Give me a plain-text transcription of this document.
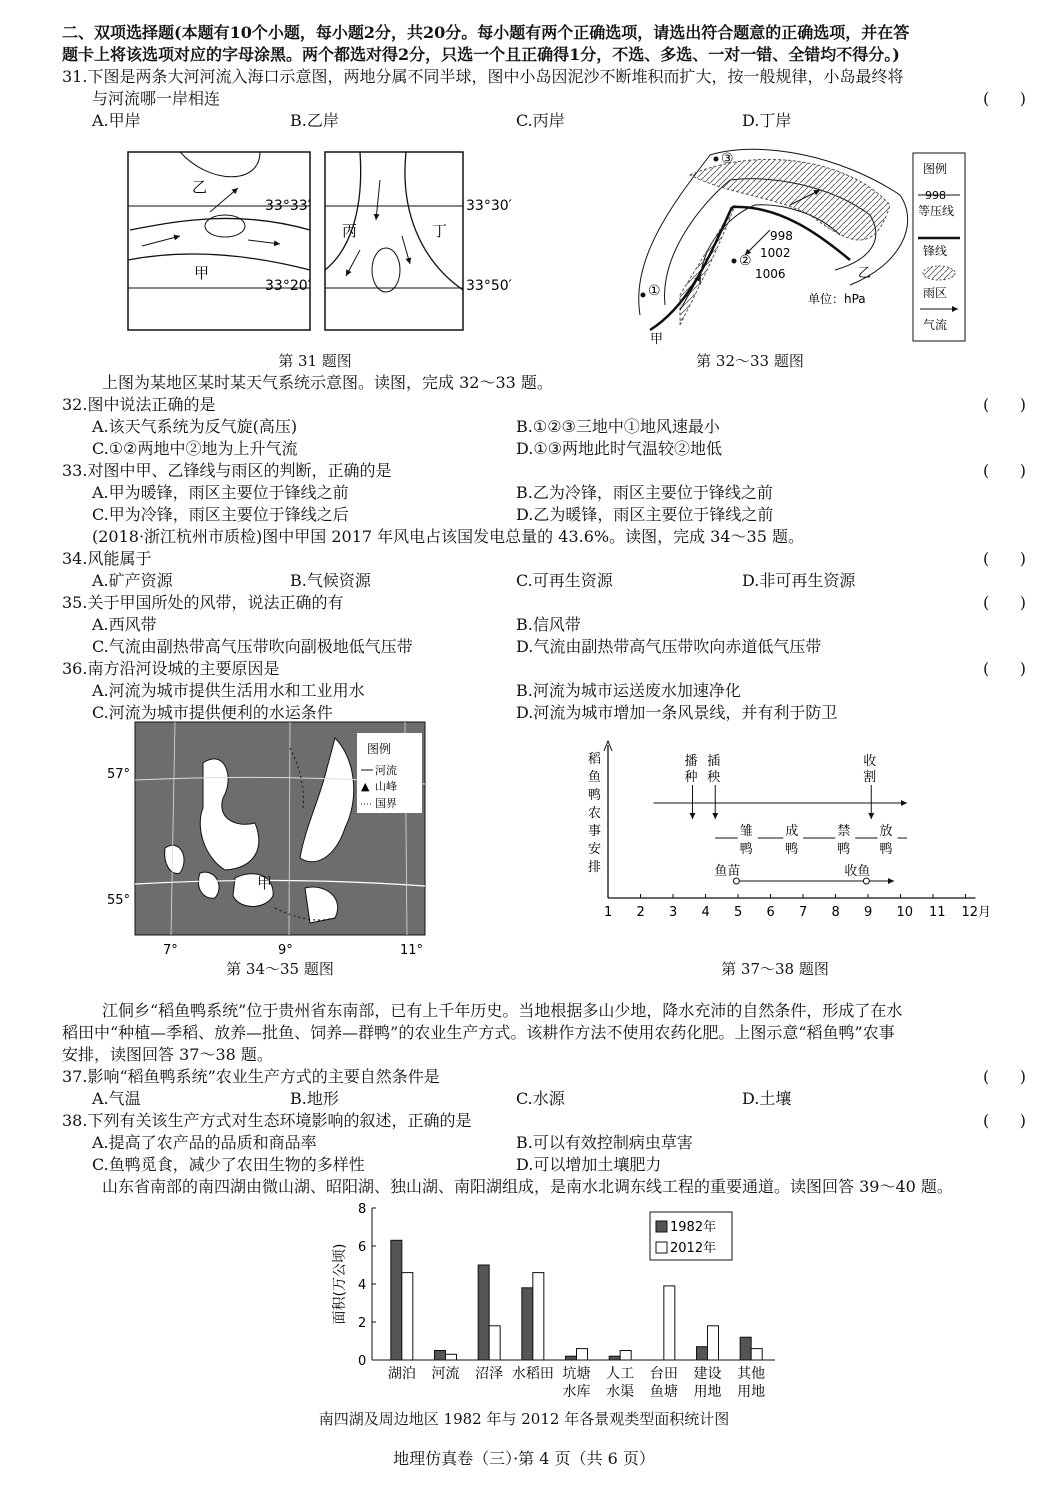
二、双项选择题(本题有10个小题，每小题2分，共20分。每小题有两个正确选项，请选出符合题意的正确选项，并在答
题卡上将该选项对应的字母涂黑。两个都选对得2分，只选一个且正确得1分，不选、多选、一对一错、全错均不得分。)
31.下图是两条大河河流入海口示意图，两地分属不同半球，图中小岛因泥沙不断堆积而扩大，按一般规律，小岛最终将
与河流哪一岸相连	(      )
A.甲岸	B.乙岸	C.丙岸	D.丁岸
乙
甲
33°33′
33°20′
丙	丁
33°30′
33°50′
第 31 题图
①
②
③
998
1002
1006
甲
乙
单位：hPa
图例
998
等压线
锋线
雨区
气流
第 32～33 题图
上图为某地区某时某天气系统示意图。读图，完成 32～33 题。
32.图中说法正确的是	(      )
A.该天气系统为反气旋(高压)	B.①②③三地中①地风速最小
C.①②两地中②地为上升气流	D.①③两地此时气温较②地低
33.对图中甲、乙锋线与雨区的判断，正确的是	(      )
A.甲为暖锋，雨区主要位于锋线之前	B.乙为冷锋，雨区主要位于锋线之前
C.甲为冷锋，雨区主要位于锋线之后	D.乙为暖锋，雨区主要位于锋线之前
(2018·浙江杭州市质检)图中甲国 2017 年风电占该国发电总量的 43.6%。读图，完成 34～35 题。
34.风能属于	(      )
A.矿产资源	B.气候资源	C.可再生资源	D.非可再生资源
35.关于甲国所处的风带，说法正确的有	(      )
A.西风带	B.信风带
C.气流由副热带高气压带吹向副极地低气压带	D.气流由副热带高气压带吹向赤道低气压带
36.南方沿河设城的主要原因是	(      )
A.河流为城市提供生活用水和工业用水	B.河流为城市运送废水加速净化
C.河流为城市提供便利的水运条件	D.河流为城市增加一条风景线，并有利于防卫
图例
河流
▲ 山峰
国界
57°
55°
7°	9°	11°
甲
第 34～35 题图
稻
鱼
鸭
农
事
安
排
1 2 3 4 5 6 7 8 9 10 11 12月
播
种
插
秧
收
割
雏
鸭
成
鸭
禁
鸭
放
鸭
鱼苗	收鱼
第 37～38 题图
江侗乡“稻鱼鸭系统”位于贵州省东南部，已有上千年历史。当地根据多山少地，降水充沛的自然条件，形成了在水
稻田中“种植—季稻、放养—批鱼、饲养—群鸭”的农业生产方式。该耕作方法不使用农药化肥。上图示意“稻鱼鸭”农事
安排，读图回答 37～38 题。
37.影响“稻鱼鸭系统”农业生产方式的主要自然条件是	(      )
A.气温	B.地形	C.水源	D.土壤
38.下列有关该生产方式对生态环境影响的叙述，正确的是	(      )
A.提高了农产品的品质和商品率	B.可以有效控制病虫草害
C.鱼鸭觅食，减少了农田生物的多样性	D.可以增加土壤肥力
山东省南部的南四湖由微山湖、昭阳湖、独山湖、南阳湖组成，是南水北调东线工程的重要通道。读图回答 39～40 题。
0
2
4
6
8
面积(万公顷)
湖泊 河流 沼泽 水稻田 坑塘
水库
人工
水渠
台田
鱼塘
建设
用地
其他
用地
1982年
2012年
南四湖及周边地区 1982 年与 2012 年各景观类型面积统计图
地理仿真卷（三）·第 4 页（共 6 页）
